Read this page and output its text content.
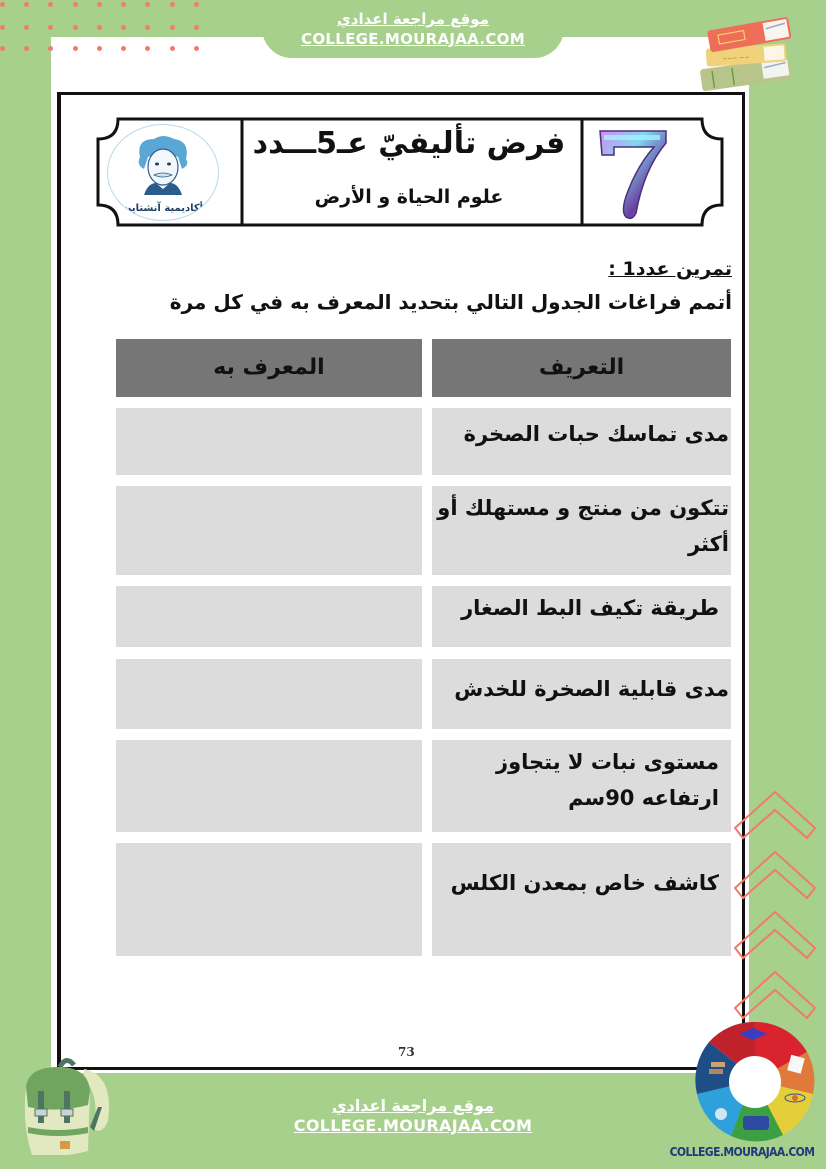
موقع مراجعة اعدادي
COLLEGE.MOURAJAA.COM
~~~ ~~
أكاديمية آنشتاين
فرض تأليفيّ عـ5ـــدد
علوم الحياة و الأرض
تمرين عدد1 :
أتمم فراغات الجدول التالي بتحديد المعرف به في كل مرة
المعرف به	التعريف
مدى تماسك حبات الصخرة
تتكون من منتج و مستهلك أو أكثر
طريقة تكيف البط الصغار
مدى قابلية الصخرة للخدش
مستوى نبات لا يتجاوز ارتفاعه 90سم
كاشف خاص بمعدن الكلس
73
موقع مراجعة اعدادي
COLLEGE.MOURAJAA.COM
COLLEGE.MOURAJAA.COM
